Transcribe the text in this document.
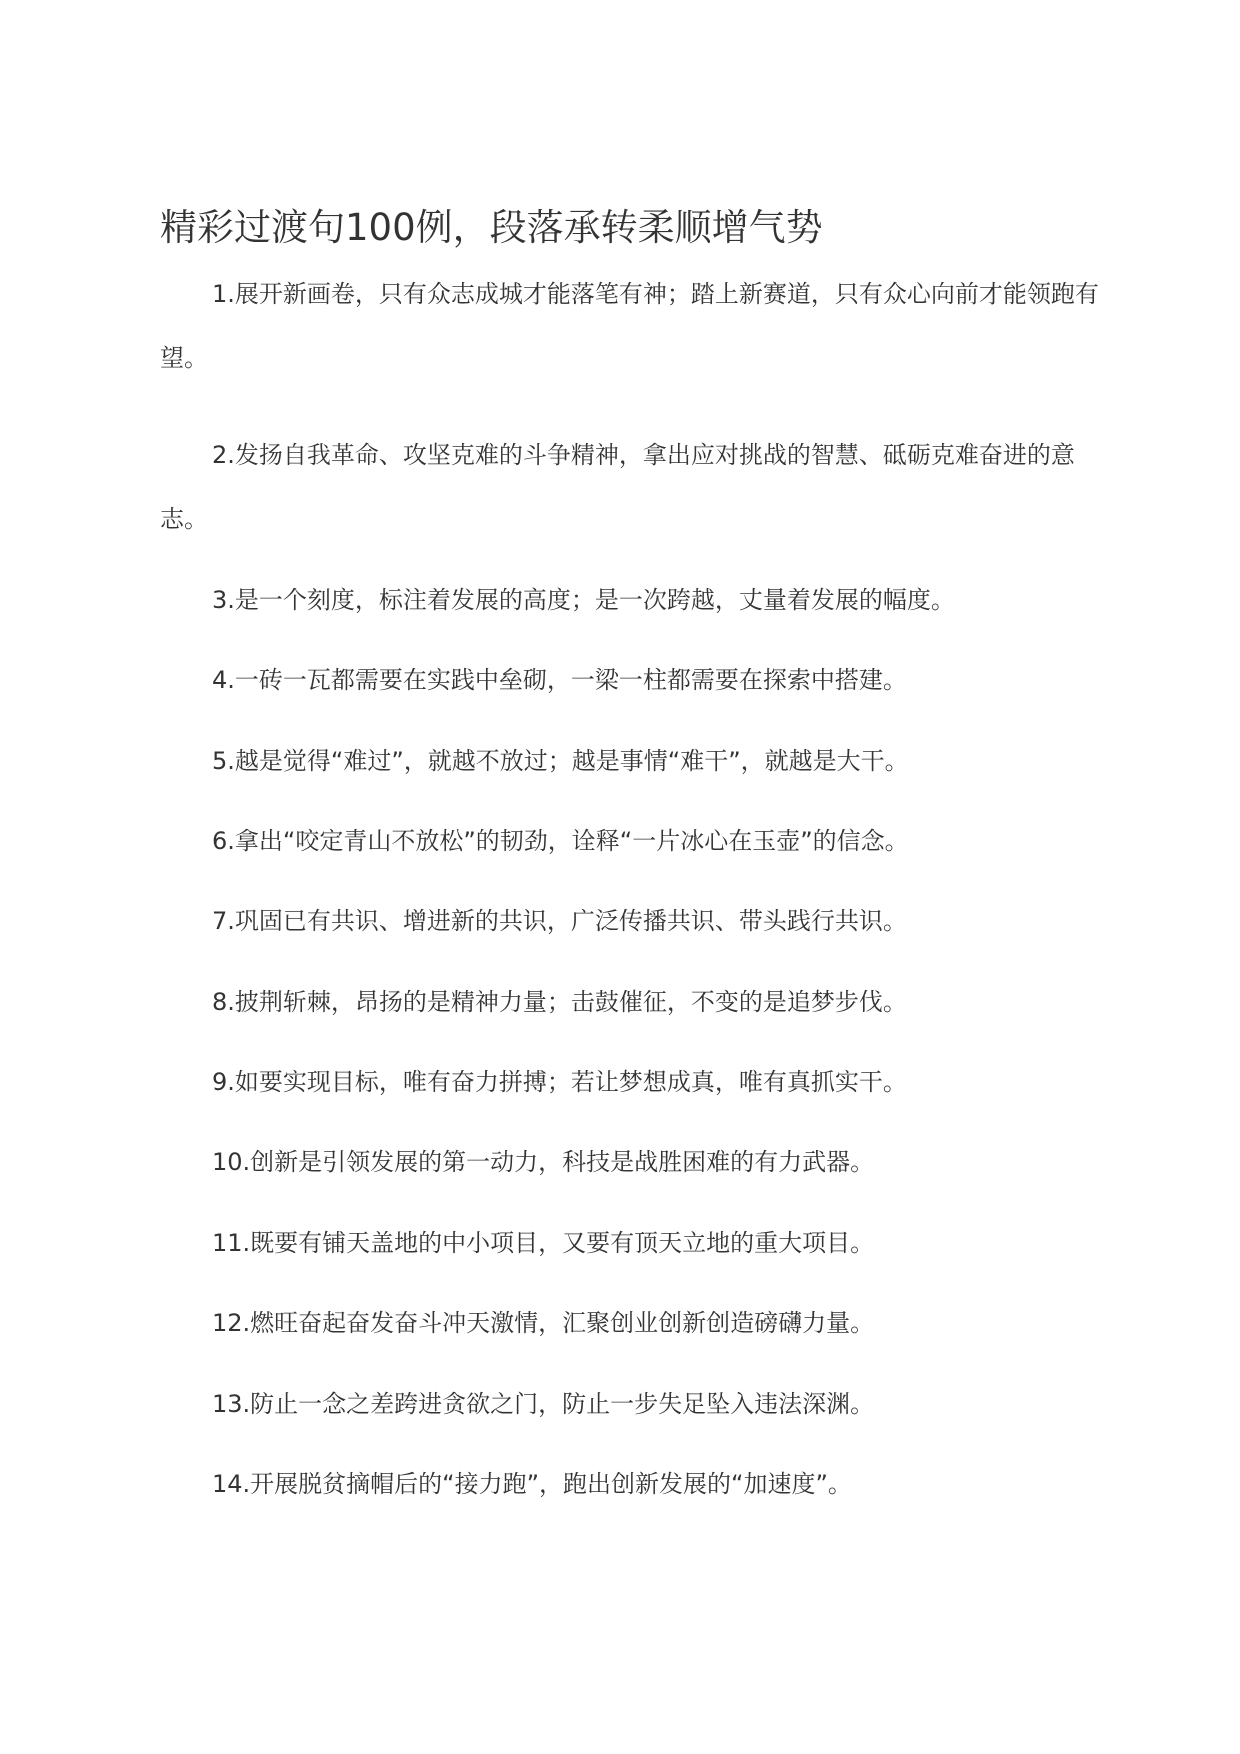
精彩过渡句100例，段落承转柔顺增气势

1.展开新画卷，只有众志成城才能落笔有神；踏上新赛道，只有众心向前才能领跑有望。

2.发扬自我革命、攻坚克难的斗争精神，拿出应对挑战的智慧、砥砺克难奋进的意志。

3.是一个刻度，标注着发展的高度；是一次跨越，丈量着发展的幅度。

4.一砖一瓦都需要在实践中垒砌，一梁一柱都需要在探索中搭建。

5.越是觉得“难过”，就越不放过；越是事情“难干”，就越是大干。

6.拿出“咬定青山不放松”的韧劲，诠释“一片冰心在玉壶”的信念。

7.巩固已有共识、增进新的共识，广泛传播共识、带头践行共识。

8.披荆斩棘，昂扬的是精神力量；击鼓催征，不变的是追梦步伐。

9.如要实现目标，唯有奋力拼搏；若让梦想成真，唯有真抓实干。

10.创新是引领发展的第一动力，科技是战胜困难的有力武器。

11.既要有铺天盖地的中小项目，又要有顶天立地的重大项目。

12.燃旺奋起奋发奋斗冲天激情，汇聚创业创新创造磅礴力量。

13.防止一念之差跨进贪欲之门，防止一步失足坠入违法深渊。

14.开展脱贫摘帽后的“接力跑”，跑出创新发展的“加速度”。
